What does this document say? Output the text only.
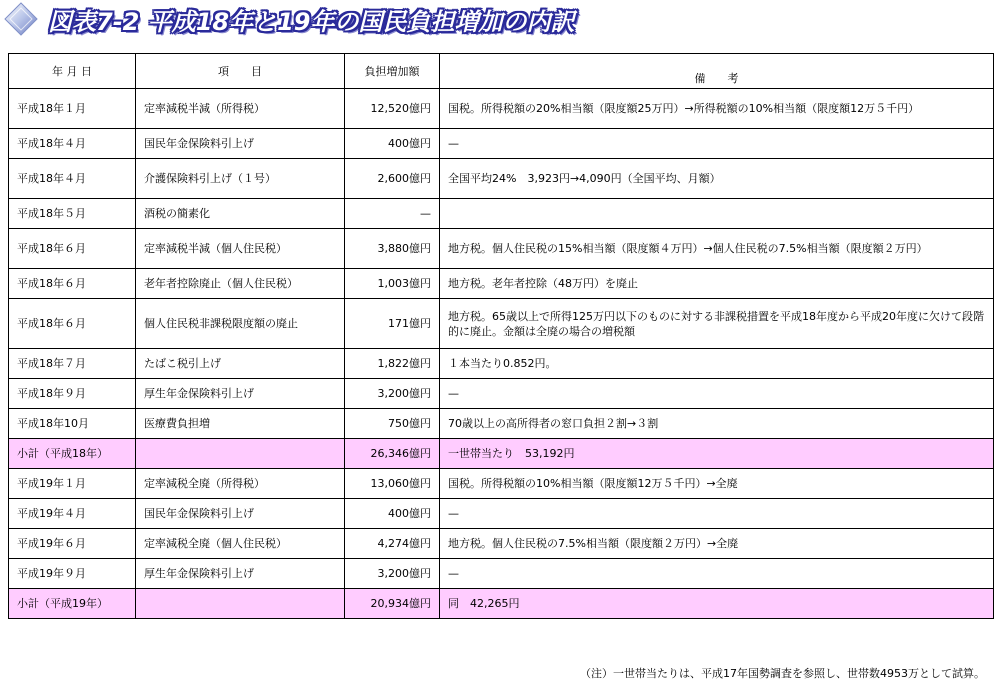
図表7-2 平成18年と19年の国民負担増加の内訳
年 月 日	項　　目	負担増加額	備　　考
平成18年１月	定率減税半減（所得税）	12,520億円	国税。所得税額の20%相当額（限度額25万円）→所得税額の10%相当額（限度額12万５千円）
平成18年４月	国民年金保険料引上げ	400億円	—
平成18年４月	介護保険料引上げ（１号）	2,600億円	全国平均24%　3,923円→4,090円（全国平均、月額）
平成18年５月	酒税の簡素化	—	
平成18年６月	定率減税半減（個人住民税）	3,880億円	地方税。個人住民税の15%相当額（限度額４万円）→個人住民税の7.5%相当額（限度額２万円）
平成18年６月	老年者控除廃止（個人住民税）	1,003億円	地方税。老年者控除（48万円）を廃止
平成18年６月	個人住民税非課税限度額の廃止	171億円	地方税。65歳以上で所得125万円以下のものに対する非課税措置を平成18年度から平成20年度に欠けて段階的に廃止。金額は全廃の場合の増税額
平成18年７月	たばこ税引上げ	1,822億円	１本当たり0.852円。
平成18年９月	厚生年金保険料引上げ	3,200億円	—
平成18年10月	医療費負担増	750億円	70歳以上の高所得者の窓口負担２割→３割
小計（平成18年）		26,346億円	一世帯当たり　53,192円
平成19年１月	定率減税全廃（所得税）	13,060億円	国税。所得税額の10%相当額（限度額12万５千円）→全廃
平成19年４月	国民年金保険料引上げ	400億円	—
平成19年６月	定率減税全廃（個人住民税）	4,274億円	地方税。個人住民税の7.5%相当額（限度額２万円）→全廃
平成19年９月	厚生年金保険料引上げ	3,200億円	—
小計（平成19年）		20,934億円	同　42,265円
（注）一世帯当たりは、平成17年国勢調査を参照し、世帯数4953万として試算。
